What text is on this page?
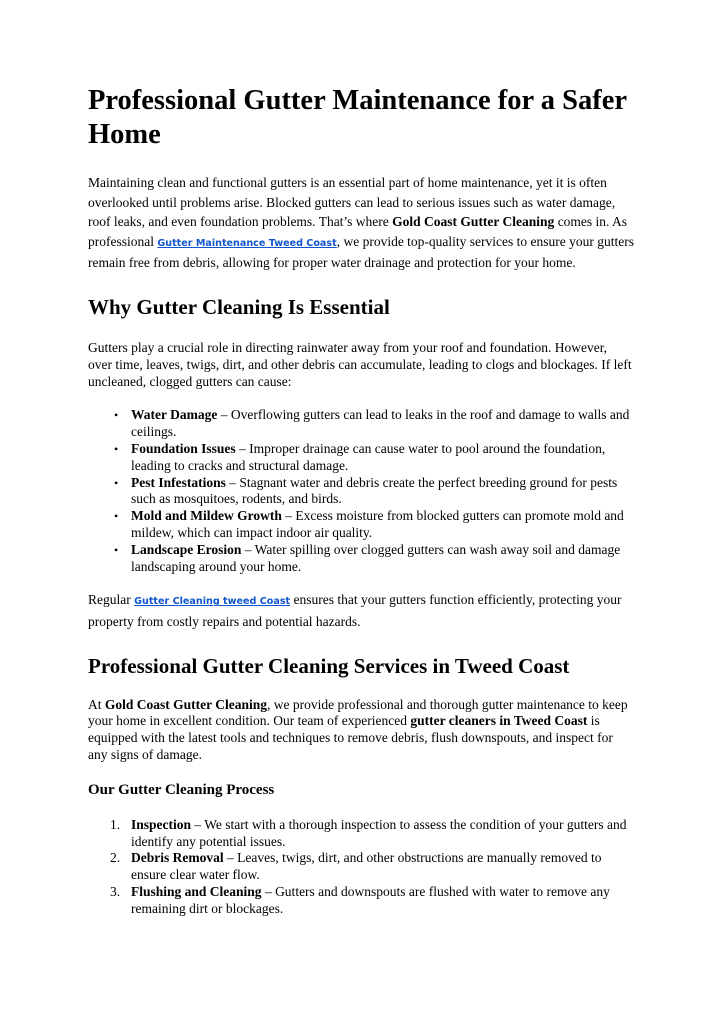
Professional Gutter Maintenance for a Safer Home

Maintaining clean and functional gutters is an essential part of home maintenance, yet it is often overlooked until problems arise. Blocked gutters can lead to serious issues such as water damage, roof leaks, and even foundation problems. That’s where Gold Coast Gutter Cleaning comes in. As professional Gutter Maintenance Tweed Coast, we provide top-quality services to ensure your gutters remain free from debris, allowing for proper water drainage and protection for your home.

Why Gutter Cleaning Is Essential

Gutters play a crucial role in directing rainwater away from your roof and foundation. However, over time, leaves, twigs, dirt, and other debris can accumulate, leading to clogs and blockages. If left uncleaned, clogged gutters can cause:

• Water Damage – Overflowing gutters can lead to leaks in the roof and damage to walls and ceilings.
• Foundation Issues – Improper drainage can cause water to pool around the foundation, leading to cracks and structural damage.
• Pest Infestations – Stagnant water and debris create the perfect breeding ground for pests such as mosquitoes, rodents, and birds.
• Mold and Mildew Growth – Excess moisture from blocked gutters can promote mold and mildew, which can impact indoor air quality.
• Landscape Erosion – Water spilling over clogged gutters can wash away soil and damage landscaping around your home.

Regular Gutter Cleaning tweed Coast ensures that your gutters function efficiently, protecting your property from costly repairs and potential hazards.

Professional Gutter Cleaning Services in Tweed Coast

At Gold Coast Gutter Cleaning, we provide professional and thorough gutter maintenance to keep your home in excellent condition. Our team of experienced gutter cleaners in Tweed Coast is equipped with the latest tools and techniques to remove debris, flush downspouts, and inspect for any signs of damage.

Our Gutter Cleaning Process
1. Inspection – We start with a thorough inspection to assess the condition of your gutters and identify any potential issues.
2. Debris Removal – Leaves, twigs, dirt, and other obstructions are manually removed to ensure clear water flow.
3. Flushing and Cleaning – Gutters and downspouts are flushed with water to remove any remaining dirt or blockages.
